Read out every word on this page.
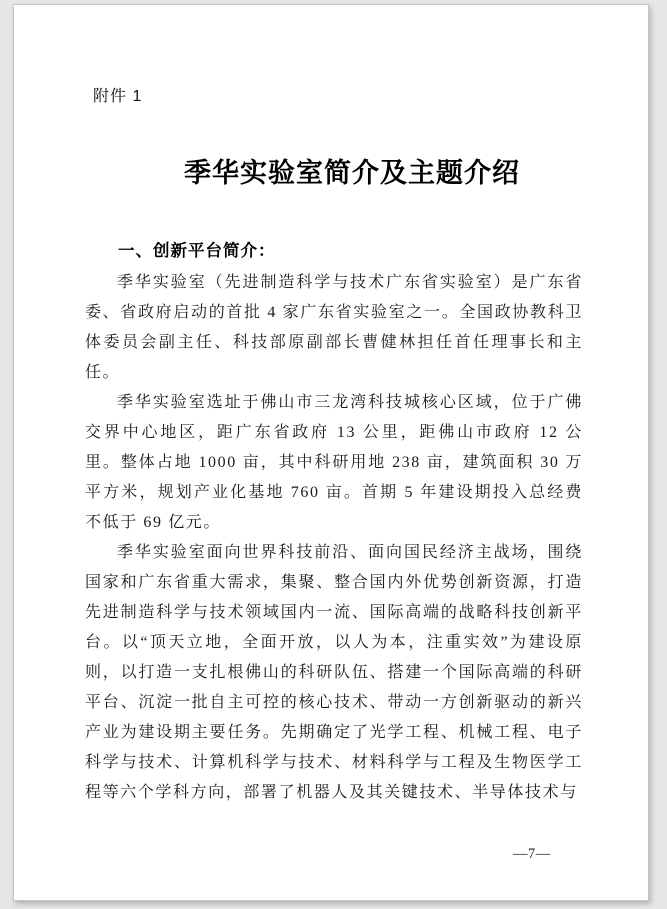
附件 1
季华实验室简介及主题介绍
一、创新平台简介：

季华实验室（先进制造科学与技术广东省实验室）是广东省委、省政府启动的首批 4 家广东省实验室之一。全国政协教科卫体委员会副主任、科技部原副部长曹健林担任首任理事长和主任。

季华实验室选址于佛山市三龙湾科技城核心区域，位于广佛交界中心地区，距广东省政府 13 公里，距佛山市政府 12 公里。整体占地 1000 亩，其中科研用地 238 亩，建筑面积 30 万平方米，规划产业化基地 760 亩。首期 5 年建设期投入总经费不低于 69 亿元。

季华实验室面向世界科技前沿、面向国民经济主战场，围绕国家和广东省重大需求，集聚、整合国内外优势创新资源，打造先进制造科学与技术领域国内一流、国际高端的战略科技创新平台。以“顶天立地，全面开放，以人为本，注重实效”为建设原则，以打造一支扎根佛山的科研队伍、搭建一个国际高端的科研平台、沉淀一批自主可控的核心技术、带动一方创新驱动的新兴产业为建设期主要任务。先期确定了光学工程、机械工程、电子科学与技术、计算机科学与技术、材料科学与工程及生物医学工程等六个学科方向，部署了机器人及其关键技术、半导体技术与

—7—
